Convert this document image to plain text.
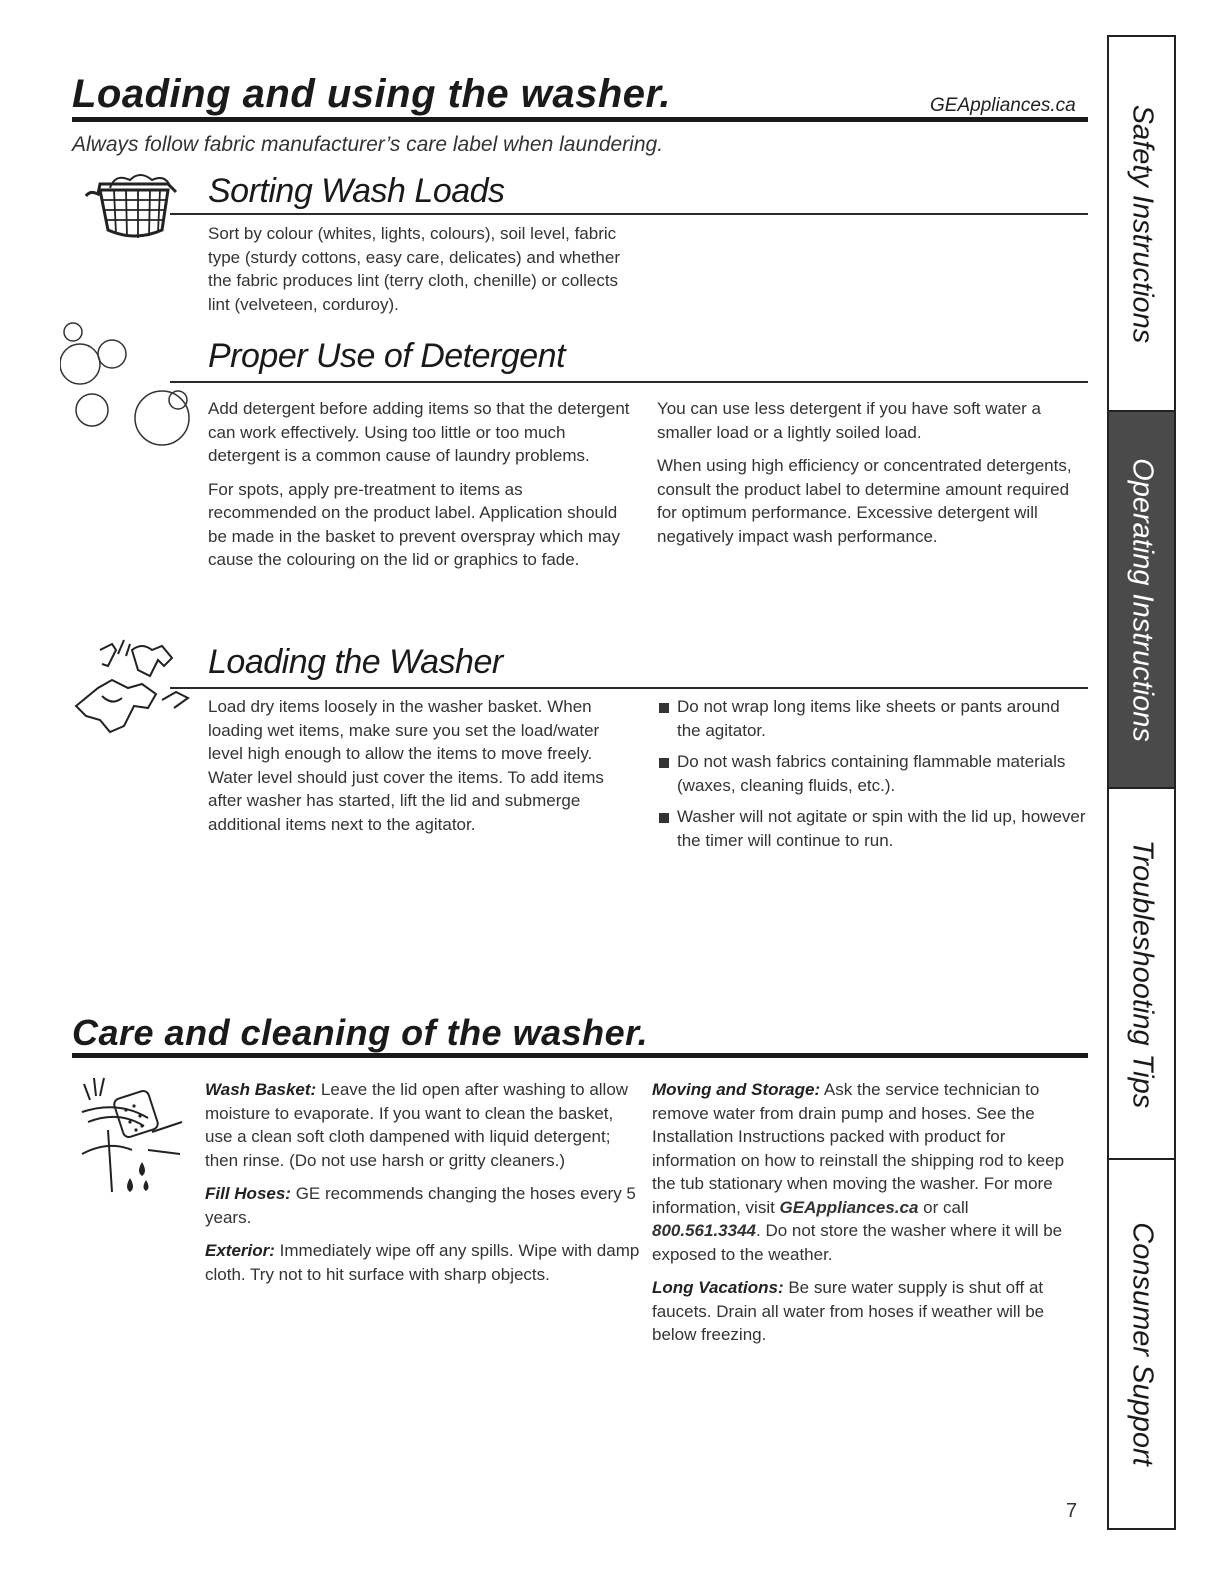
Loading and using the washer.	GEAppliances.ca
Always follow fabric manufacturer’s care label when laundering.
Sorting Wash Loads

Sort by colour (whites, lights, colours), soil level, fabric type (sturdy cottons, easy care, delicates) and whether the fabric produces lint (terry cloth, chenille) or collects lint (velveteen, corduroy).

Proper Use of Detergent

Add detergent before adding items so that the detergent can work effectively. Using too little or too much detergent is a common cause of laundry problems.

For spots, apply pre-treatment to items as recommended on the product label. Application should be made in the basket to prevent overspray which may cause the colouring on the lid or graphics to fade.

You can use less detergent if you have soft water a smaller load or a lightly soiled load.

When using high efficiency or concentrated detergents, consult the product label to determine amount required for optimum performance. Excessive detergent will negatively impact wash performance.

Loading the Washer

Load dry items loosely in the washer basket. When loading wet items, make sure you set the load/water level high enough to allow the items to move freely. Water level should just cover the items. To add items after washer has started, lift the lid and submerge additional items next to the agitator.

Do not wrap long items like sheets or pants around the agitator.
Do not wash fabrics containing flammable materials (waxes, cleaning fluids, etc.).
Washer will not agitate or spin with the lid up, however the timer will continue to run.
Care and cleaning of the washer.

Wash Basket: Leave the lid open after washing to allow moisture to evaporate. If you want to clean the basket, use a clean soft cloth dampened with liquid detergent; then rinse. (Do not use harsh or gritty cleaners.)

Fill Hoses: GE recommends changing the hoses every 5 years.

Exterior: Immediately wipe off any spills. Wipe with damp cloth. Try not to hit surface with sharp objects.

Moving and Storage: Ask the service technician to remove water from drain pump and hoses. See the Installation Instructions packed with product for information on how to reinstall the shipping rod to keep the tub stationary when moving the washer. For more information, visit GEAppliances.ca or call 800.561.3344. Do not store the washer where it will be exposed to the weather.

Long Vacations: Be sure water supply is shut off at faucets. Drain all water from hoses if weather will be below freezing.

Safety Instructions
Operating Instructions
Troubleshooting Tips
Consumer Support
7
